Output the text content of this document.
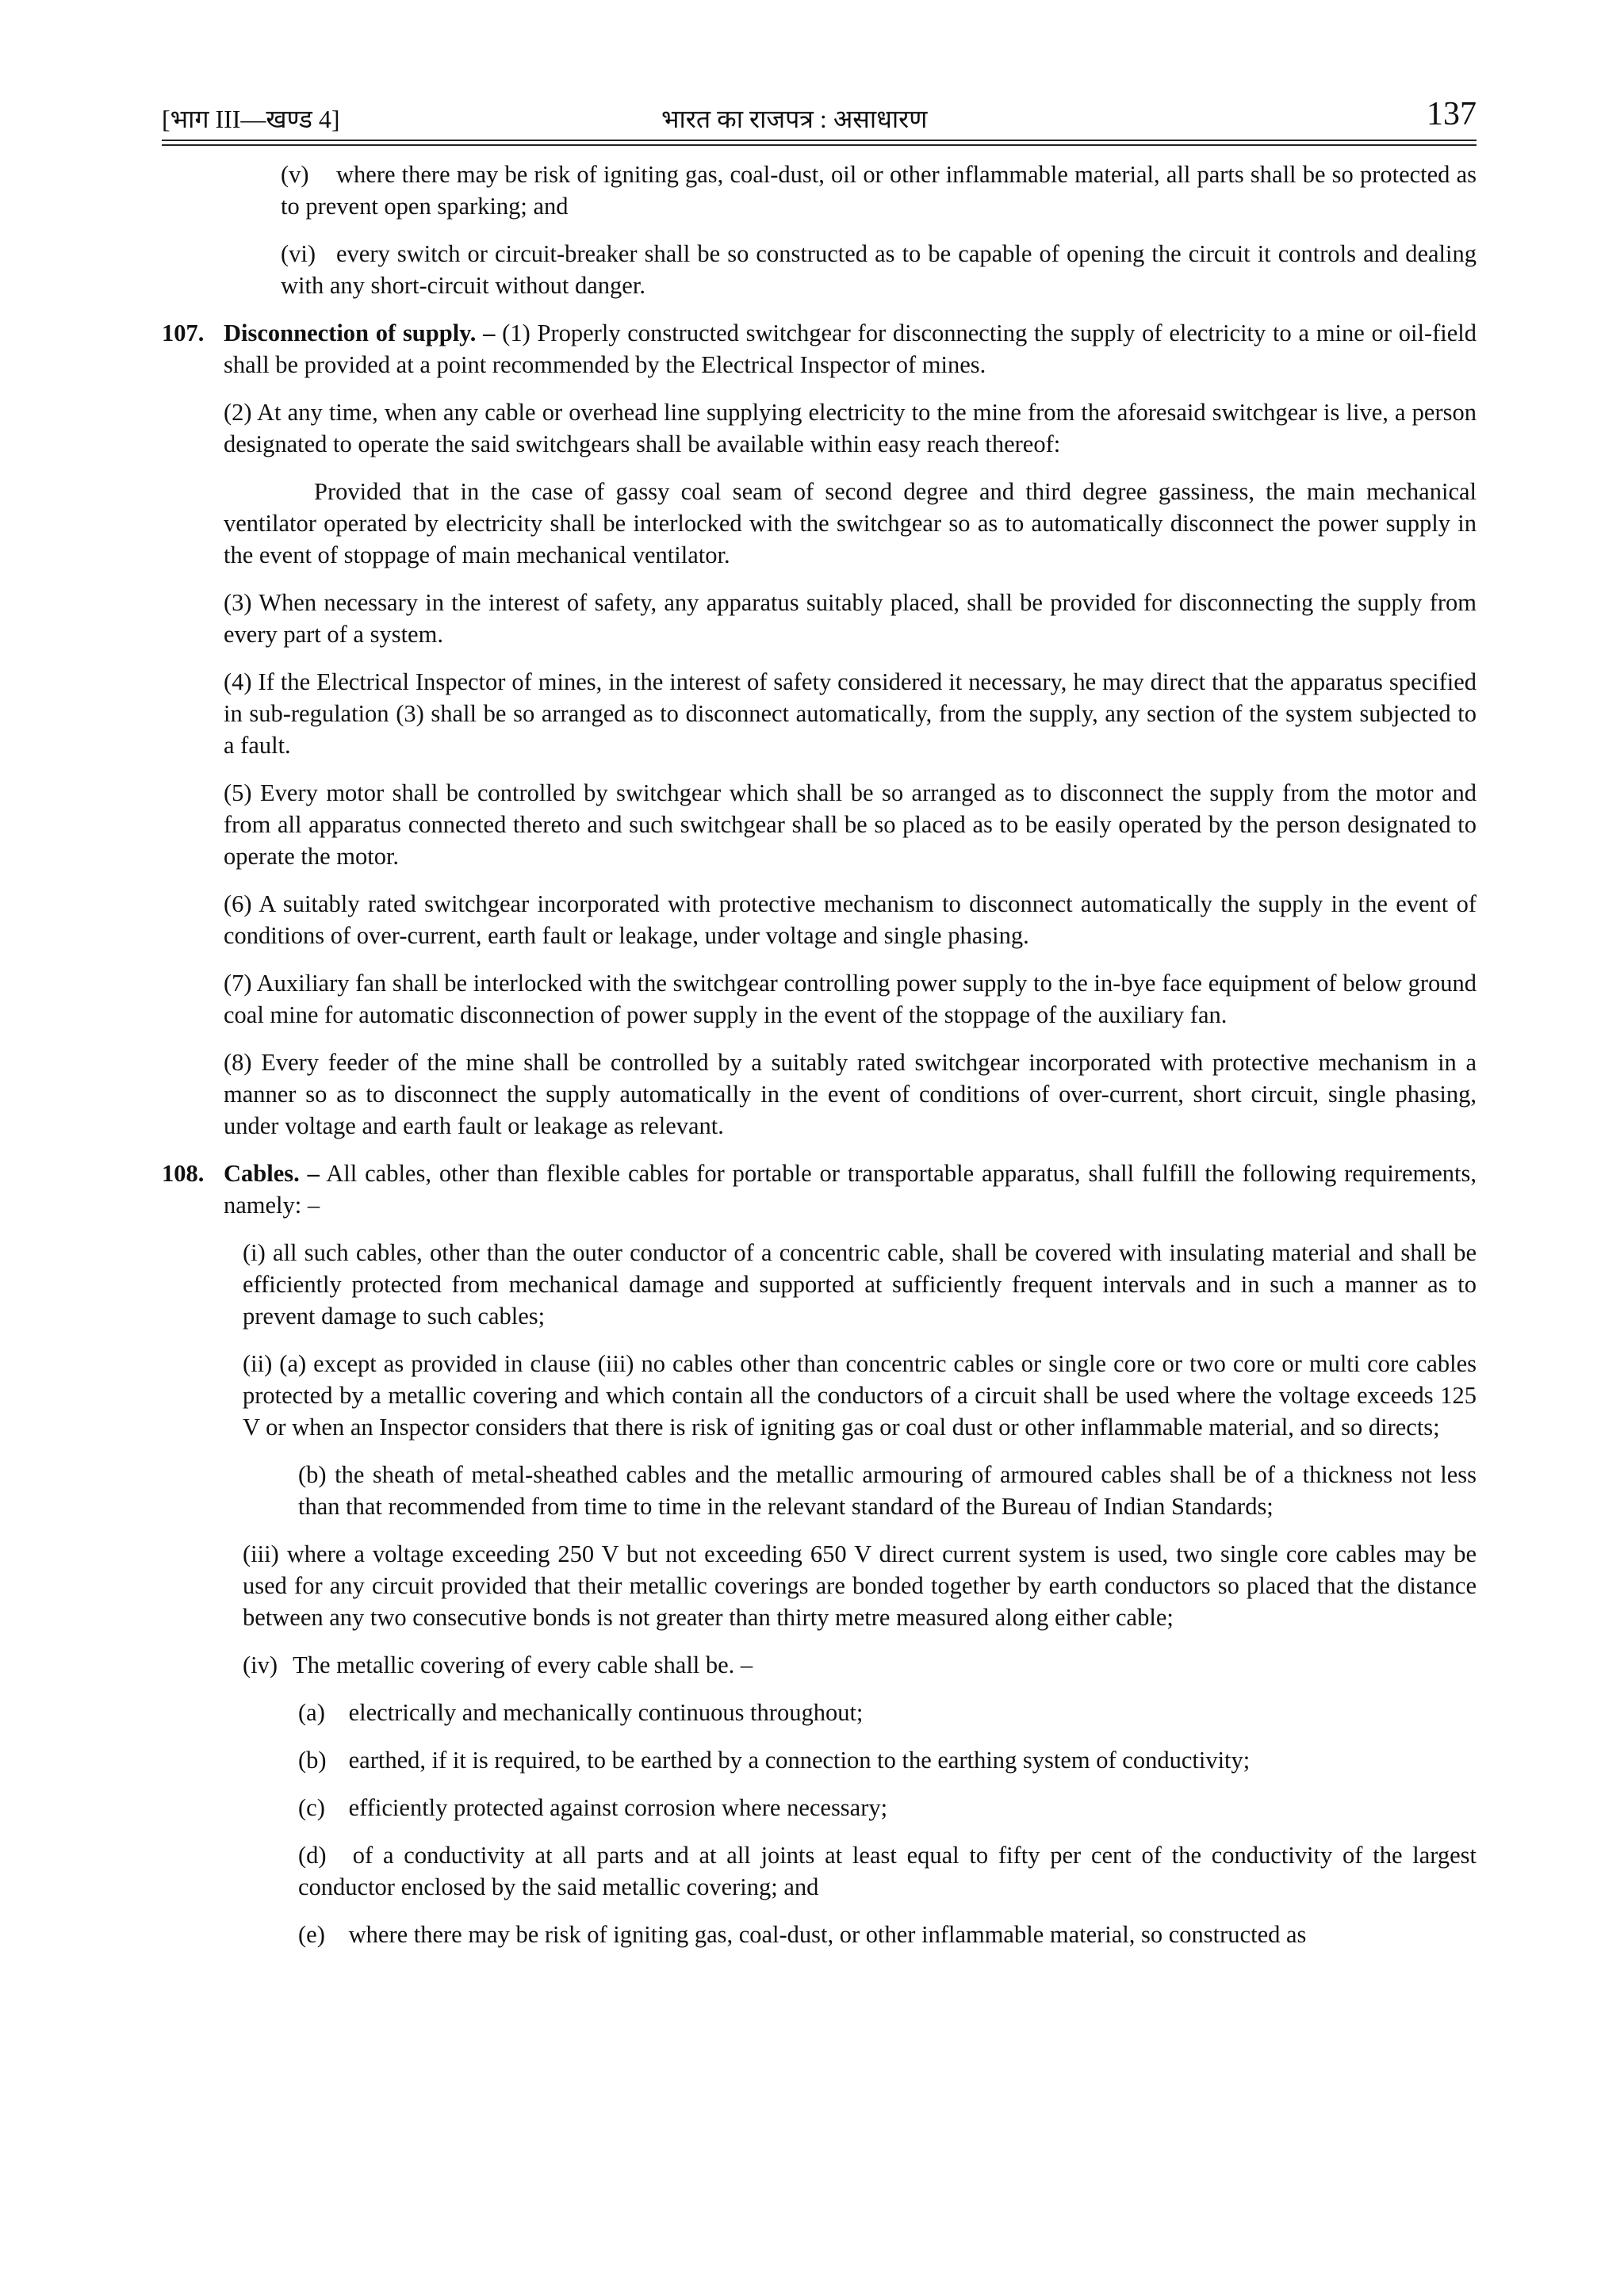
[भाग III—खण्ड 4]	भारत का राजपत्र : असाधारण	137

(v) where there may be risk of igniting gas, coal-dust, oil or other inflammable material, all parts shall be so protected as to prevent open sparking; and

(vi) every switch or circuit-breaker shall be so constructed as to be capable of opening the circuit it controls and dealing with any short-circuit without danger.

107. Disconnection of supply. – (1) Properly constructed switchgear for disconnecting the supply of electricity to a mine or oil-field shall be provided at a point recommended by the Electrical Inspector of mines.

(2) At any time, when any cable or overhead line supplying electricity to the mine from the aforesaid switchgear is live, a person designated to operate the said switchgears shall be available within easy reach thereof:

Provided that in the case of gassy coal seam of second degree and third degree gassiness, the main mechanical ventilator operated by electricity shall be interlocked with the switchgear so as to automatically disconnect the power supply in the event of stoppage of main mechanical ventilator.

(3) When necessary in the interest of safety, any apparatus suitably placed, shall be provided for disconnecting the supply from every part of a system.

(4) If the Electrical Inspector of mines, in the interest of safety considered it necessary, he may direct that the apparatus specified in sub-regulation (3) shall be so arranged as to disconnect automatically, from the supply, any section of the system subjected to a fault.

(5) Every motor shall be controlled by switchgear which shall be so arranged as to disconnect the supply from the motor and from all apparatus connected thereto and such switchgear shall be so placed as to be easily operated by the person designated to operate the motor.

(6) A suitably rated switchgear incorporated with protective mechanism to disconnect automatically the supply in the event of conditions of over-current, earth fault or leakage, under voltage and single phasing.

(7) Auxiliary fan shall be interlocked with the switchgear controlling power supply to the in-bye face equipment of below ground coal mine for automatic disconnection of power supply in the event of the stoppage of the auxiliary fan.

(8) Every feeder of the mine shall be controlled by a suitably rated switchgear incorporated with protective mechanism in a manner so as to disconnect the supply automatically in the event of conditions of over-current, short circuit, single phasing, under voltage and earth fault or leakage as relevant.

108. Cables. – All cables, other than flexible cables for portable or transportable apparatus, shall fulfill the following requirements, namely: –

(i) all such cables, other than the outer conductor of a concentric cable, shall be covered with insulating material and shall be efficiently protected from mechanical damage and supported at sufficiently frequent intervals and in such a manner as to prevent damage to such cables;

(ii) (a) except as provided in clause (iii) no cables other than concentric cables or single core or two core or multi core cables protected by a metallic covering and which contain all the conductors of a circuit shall be used where the voltage exceeds 125 V or when an Inspector considers that there is risk of igniting gas or coal dust or other inflammable material, and so directs;

(b) the sheath of metal-sheathed cables and the metallic armouring of armoured cables shall be of a thickness not less than that recommended from time to time in the relevant standard of the Bureau of Indian Standards;

(iii) where a voltage exceeding 250 V but not exceeding 650 V direct current system is used, two single core cables may be used for any circuit provided that their metallic coverings are bonded together by earth conductors so placed that the distance between any two consecutive bonds is not greater than thirty metre measured along either cable;

(iv) The metallic covering of every cable shall be. –

(a) electrically and mechanically continuous throughout;

(b) earthed, if it is required, to be earthed by a connection to the earthing system of conductivity;

(c) efficiently protected against corrosion where necessary;

(d) of a conductivity at all parts and at all joints at least equal to fifty per cent of the conductivity of the largest conductor enclosed by the said metallic covering; and

(e) where there may be risk of igniting gas, coal-dust, or other inflammable material, so constructed as
